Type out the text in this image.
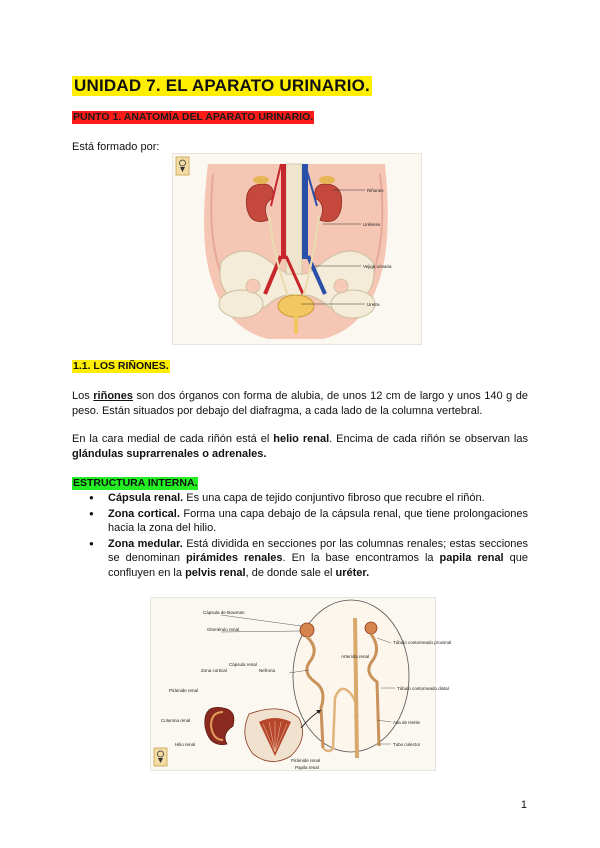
UNIDAD 7. EL APARATO URINARIO.
PUNTO 1. ANATOMÍA DEL APARATO URINARIO.
Está formado por:
Riñones
Uréteres
Vejiga urinaria
Uretra
1.1. LOS RIÑONES.
Los riñones son dos órganos con forma de alubia, de unos 12 cm de largo y unos 140 g de peso. Están situados por debajo del diafragma, a cada lado de la columna vertebral.
En la cara medial de cada riñón está el helio renal. Encima de cada riñón se observan las glándulas suprarrenales o adrenales.
ESTRUCTURA INTERNA.
● Cápsula renal. Es una capa de tejido conjuntivo fibroso que recubre el riñón.
● Zona cortical. Forma una capa debajo de la cápsula renal, que tiene prolongaciones hacia la zona del hilio.
● Zona medular. Está dividida en secciones por las columnas renales; estas secciones se denominan pirámides renales. En la base encontramos la papila renal que confluyen en la pelvis renal, de donde sale el uréter.
Cápsula de Bowman
Glomérulo renal
Zona cortical
Cápsula renal
Nefrona
Pirámide renal
Columna renal
Hilio renal
Túbulo contorneado proximal
Túbulo contorneado distal
Asa de Henle
Tubo colector
Pirámide renal
Papila renal
Arteriola renal
1
